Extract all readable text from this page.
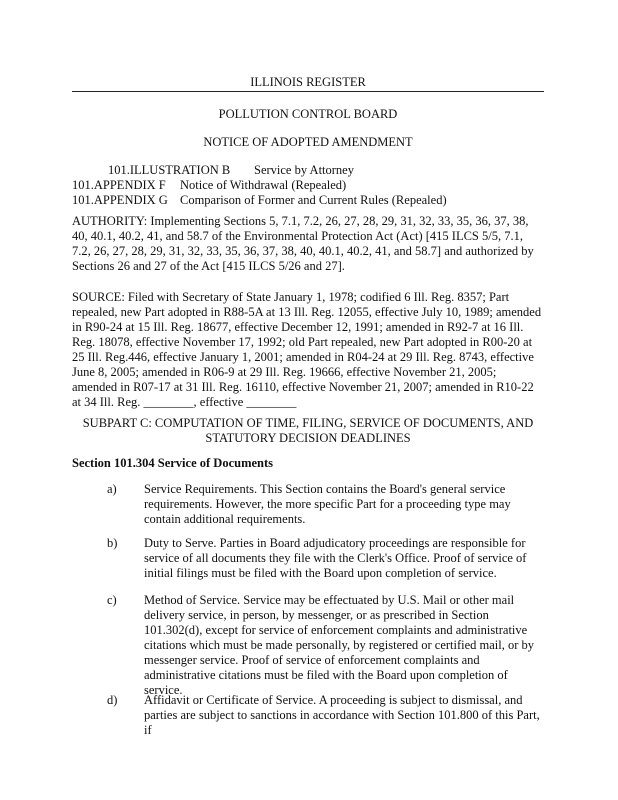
ILLINOIS REGISTER
POLLUTION CONTROL BOARD
NOTICE OF ADOPTED AMENDMENT
101.ILLUSTRATION B Service by Attorney
101.APPENDIX F Notice of Withdrawal (Repealed)
101.APPENDIX G Comparison of Former and Current Rules (Repealed)

AUTHORITY: Implementing Sections 5, 7.1, 7.2, 26, 27, 28, 29, 31, 32, 33, 35, 36, 37, 38, 40, 40.1, 40.2, 41, and 58.7 of the Environmental Protection Act (Act) [415 ILCS 5/5, 7.1, 7.2, 26, 27, 28, 29, 31, 32, 33, 35, 36, 37, 38, 40, 40.1, 40.2, 41, and 58.7] and authorized by Sections 26 and 27 of the Act [415 ILCS 5/26 and 27].

SOURCE: Filed with Secretary of State January 1, 1978; codified 6 Ill. Reg. 8357; Part repealed, new Part adopted in R88-5A at 13 Ill. Reg. 12055, effective July 10, 1989; amended in R90-24 at 15 Ill. Reg. 18677, effective December 12, 1991; amended in R92-7 at 16 Ill. Reg. 18078, effective November 17, 1992; old Part repealed, new Part adopted in R00-20 at 25 Ill. Reg.446, effective January 1, 2001; amended in R04-24 at 29 Ill. Reg. 8743, effective June 8, 2005; amended in R06-9 at 29 Ill. Reg. 19666, effective November 21, 2005; amended in R07-17 at 31 Ill. Reg. 16110, effective November 21, 2007; amended in R10-22 at 34 Ill. Reg. ________, effective ________

SUBPART C: COMPUTATION OF TIME, FILING, SERVICE OF DOCUMENTS, AND STATUTORY DECISION DEADLINES

Section 101.304 Service of Documents
a) Service Requirements. This Section contains the Board's general service requirements. However, the more specific Part for a proceeding type may contain additional requirements.

b) Duty to Serve. Parties in Board adjudicatory proceedings are responsible for service of all documents they file with the Clerk's Office. Proof of service of initial filings must be filed with the Board upon completion of service.

c) Method of Service. Service may be effectuated by U.S. Mail or other mail delivery service, in person, by messenger, or as prescribed in Section 101.302(d), except for service of enforcement complaints and administrative citations which must be made personally, by registered or certified mail, or by messenger service. Proof of service of enforcement complaints and administrative citations must be filed with the Board upon completion of service.

d) Affidavit or Certificate of Service. A proceeding is subject to dismissal, and parties are subject to sanctions in accordance with Section 101.800 of this Part, if
